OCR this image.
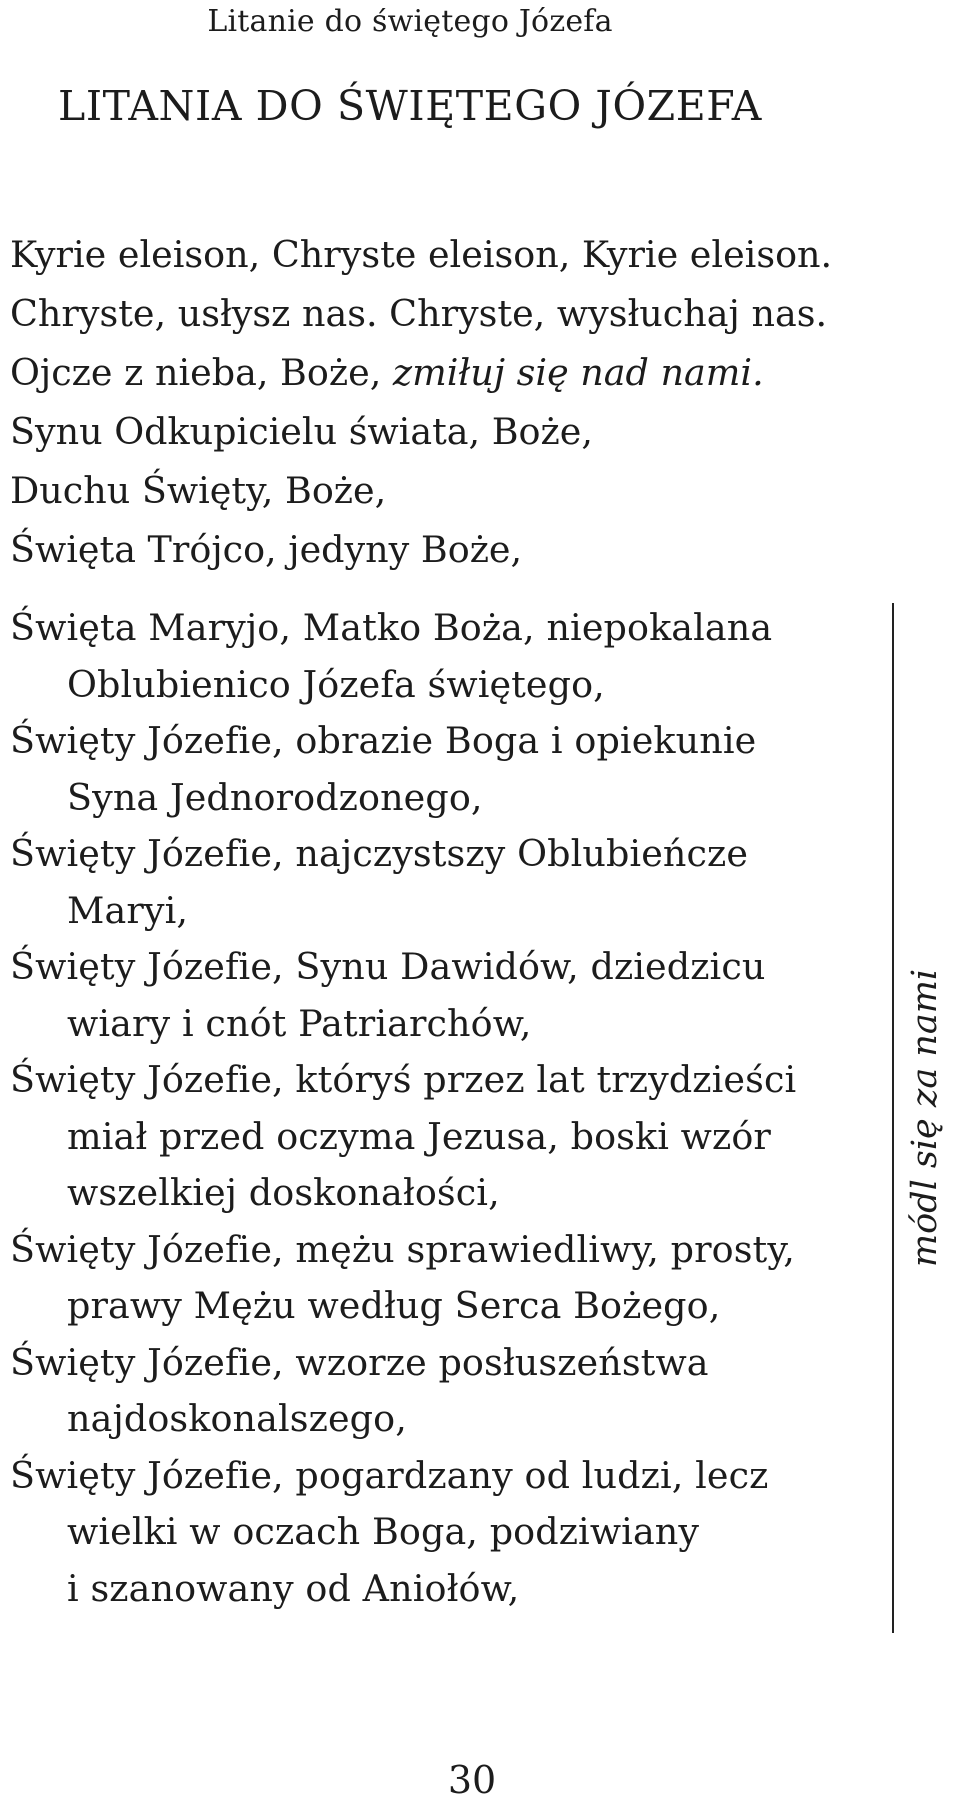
Litanie do świętego Józefa
LITANIA DO ŚWIĘTEGO JÓZEFA
Kyrie eleison, Chryste eleison, Kyrie eleison.
Chryste, usłysz nas. Chryste, wysłuchaj nas.
Ojcze z nieba, Boże, zmiłuj się nad nami.
Synu Odkupicielu świata, Boże,
Duchu Święty, Boże,
Święta Trójco, jedyny Boże,
Święta Maryjo, Matko Boża, niepokalana
Oblubienico Józefa świętego,
Święty Józefie, obrazie Boga i opiekunie
Syna Jednorodzonego,
Święty Józefie, najczystszy Oblubieńcze
Maryi,
Święty Józefie, Synu Dawidów, dziedzicu
wiary i cnót Patriarchów,
Święty Józefie, któryś przez lat trzydzieści
miał przed oczyma Jezusa, boski wzór
wszelkiej doskonałości,
Święty Józefie, mężu sprawiedliwy, prosty,
prawy Mężu według Serca Bożego,
Święty Józefie, wzorze posłuszeństwa
najdoskonalszego,
Święty Józefie, pogardzany od ludzi, lecz
wielki w oczach Boga, podziwiany
i szanowany od Aniołów,
módl się za nami
30
